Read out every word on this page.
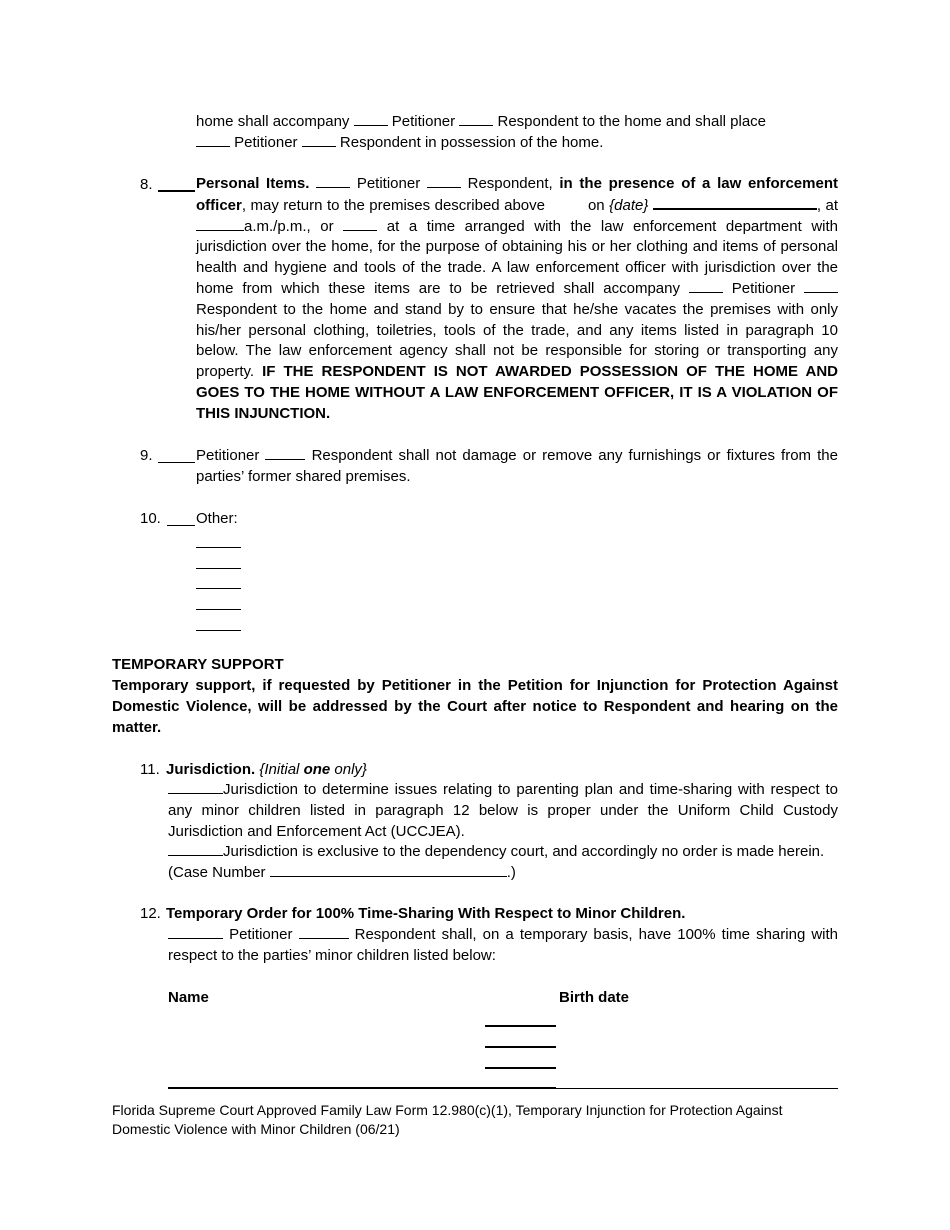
home shall accompany	Petitioner	Respondent to the home and shall place
Petitioner	Respondent in possession of the home.
8.	Personal Items.	Petitioner	Respondent, in the presence of a law enforcement officer, may return to the premises described above	on {date}	, at a.m./p.m., or	at a time arranged with the law enforcement department with jurisdiction over the home, for the purpose of obtaining his or her clothing and items of personal health and hygiene and tools of the trade. A law enforcement officer with jurisdiction over the home from which these items are to be retrieved shall accompany	Petitioner  Respondent to the home and stand by to ensure that he/she vacates the premises with only his/her personal clothing, toiletries, tools of the trade, and any items listed in paragraph 10 below. The law enforcement agency shall not be responsible for storing or transporting any property. IF THE RESPONDENT IS NOT AWARDED POSSESSION OF THE HOME AND GOES TO THE HOME WITHOUT A LAW ENFORCEMENT OFFICER, IT IS A VIOLATION OF THIS INJUNCTION.
9.	Petitioner	Respondent shall not damage or remove any furnishings or fixtures from the parties’ former shared premises.
10. Other:
TEMPORARY SUPPORT
Temporary support, if requested by Petitioner in the Petition for Injunction for Protection Against Domestic Violence, will be addressed by the Court after notice to Respondent and hearing on the matter.
11. Jurisdiction. {Initial one only}
Jurisdiction to determine issues relating to parenting plan and time-sharing with respect to any minor children listed in paragraph 12 below is proper under the Uniform Child Custody Jurisdiction and Enforcement Act (UCCJEA).
Jurisdiction is exclusive to the dependency court, and accordingly no order is made herein.
(Case Number	.)
12. Temporary Order for 100% Time-Sharing With Respect to Minor Children.
Petitioner	Respondent shall, on a temporary basis, have 100% time sharing with respect to the parties’ minor children listed below:
Name	Birth date
Florida Supreme Court Approved Family Law Form 12.980(c)(1), Temporary Injunction for Protection Against
Domestic Violence with Minor Children (06/21)
